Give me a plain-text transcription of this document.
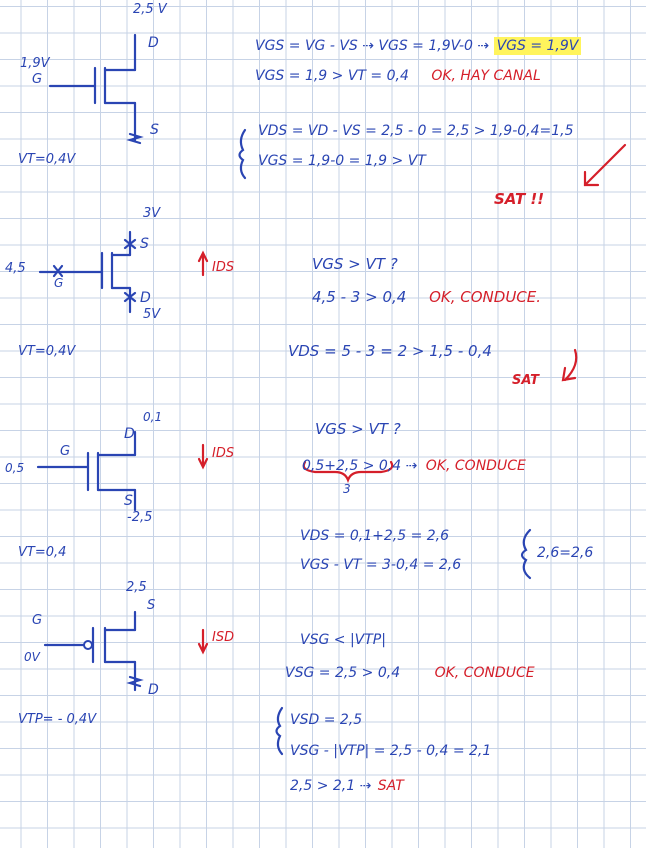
2,5 V
D
1,9V
G
S
VT=0,4V
VGS = VG - VS ⇢ VGS = 1,9V-0 ⇢ VGS = 1,9V
VGS = 1,9 > VT = 0,4 OK, HAY CANAL
VDS = VD - VS = 2,5 - 0 = 2,5 > 1,9-0,4=1,5
VGS = 1,9-0 = 1,9 > VT
SAT !!
3V
S
4,5
G
D
5V
IDS
VT=0,4V
VGS > VT ?
4,5 - 3 > 0,4 OK, CONDUCE.
VDS = 5 - 3 = 2 > 1,5 - 0,4
SAT
0,1
D
G
0,5
S
-2,5
IDS
VT=0,4
VGS > VT ?
0,5+2,5 > 0,4 ⇢ OK, CONDUCE
3
VDS = 0,1+2,5 = 2,6
VGS - VT = 3-0,4 = 2,6
2,6=2,6
2,5
S
G
0V
D
ISD
VTP= - 0,4V
VSG < |VTP|
VSG = 2,5 > 0,4 OK, CONDUCE
VSD = 2,5
VSG - |VTP| = 2,5 - 0,4 = 2,1
2,5 > 2,1 ⇢ SAT
